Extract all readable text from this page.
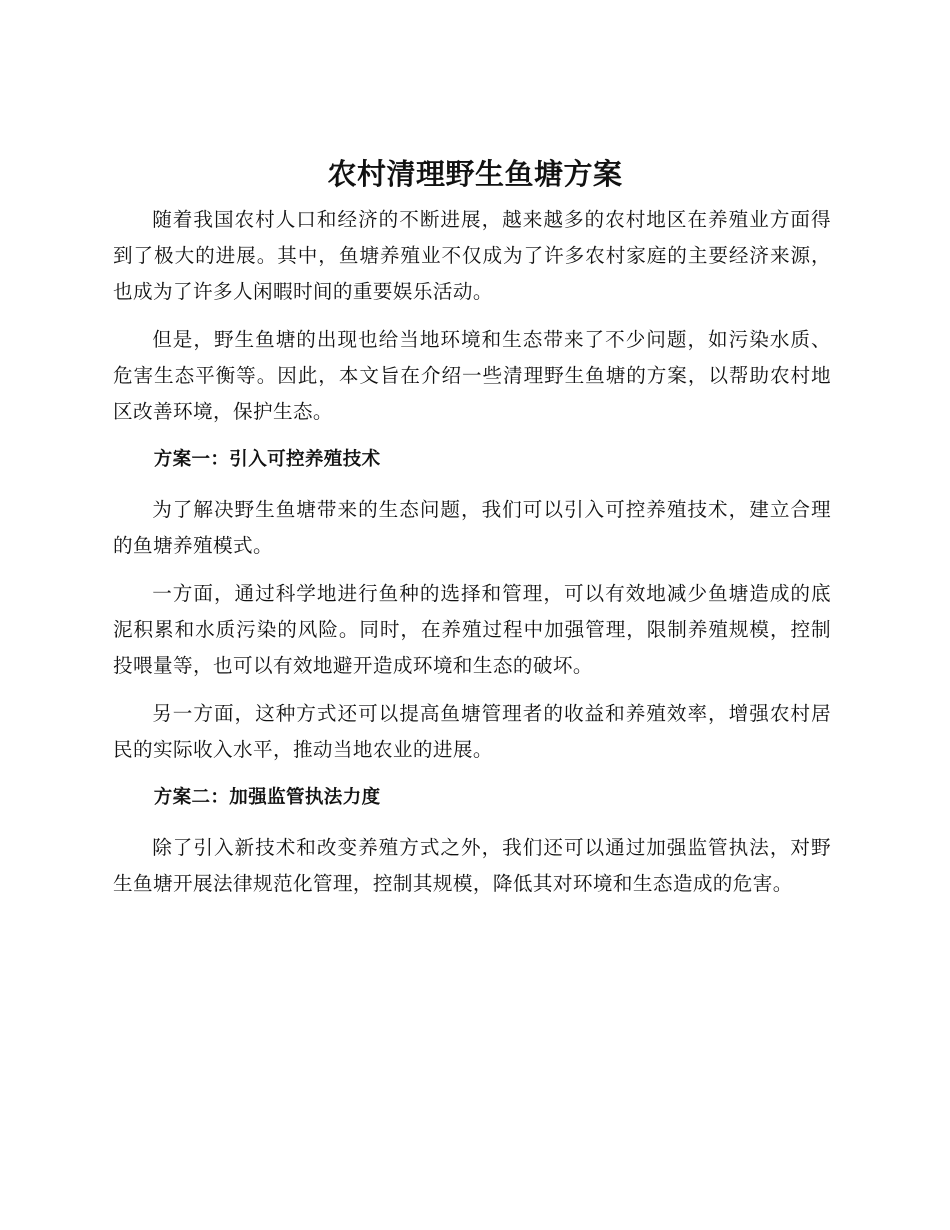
农村清理野生鱼塘方案

随着我国农村人口和经济的不断进展，越来越多的农村地区在养殖业方面得到了极大的进展。其中，鱼塘养殖业不仅成为了许多农村家庭的主要经济来源，也成为了许多人闲暇时间的重要娱乐活动。

但是，野生鱼塘的出现也给当地环境和生态带来了不少问题，如污染水质、危害生态平衡等。因此，本文旨在介绍一些清理野生鱼塘的方案，以帮助农村地区改善环境，保护生态。

方案一：引入可控养殖技术

为了解决野生鱼塘带来的生态问题，我们可以引入可控养殖技术，建立合理的鱼塘养殖模式。

一方面，通过科学地进行鱼种的选择和管理，可以有效地减少鱼塘造成的底泥积累和水质污染的风险。同时，在养殖过程中加强管理，限制养殖规模，控制投喂量等，也可以有效地避开造成环境和生态的破坏。

另一方面，这种方式还可以提高鱼塘管理者的收益和养殖效率，增强农村居民的实际收入水平，推动当地农业的进展。

方案二：加强监管执法力度

除了引入新技术和改变养殖方式之外，我们还可以通过加强监管执法，对野生鱼塘开展法律规范化管理，控制其规模，降低其对环境和生态造成的危害。
